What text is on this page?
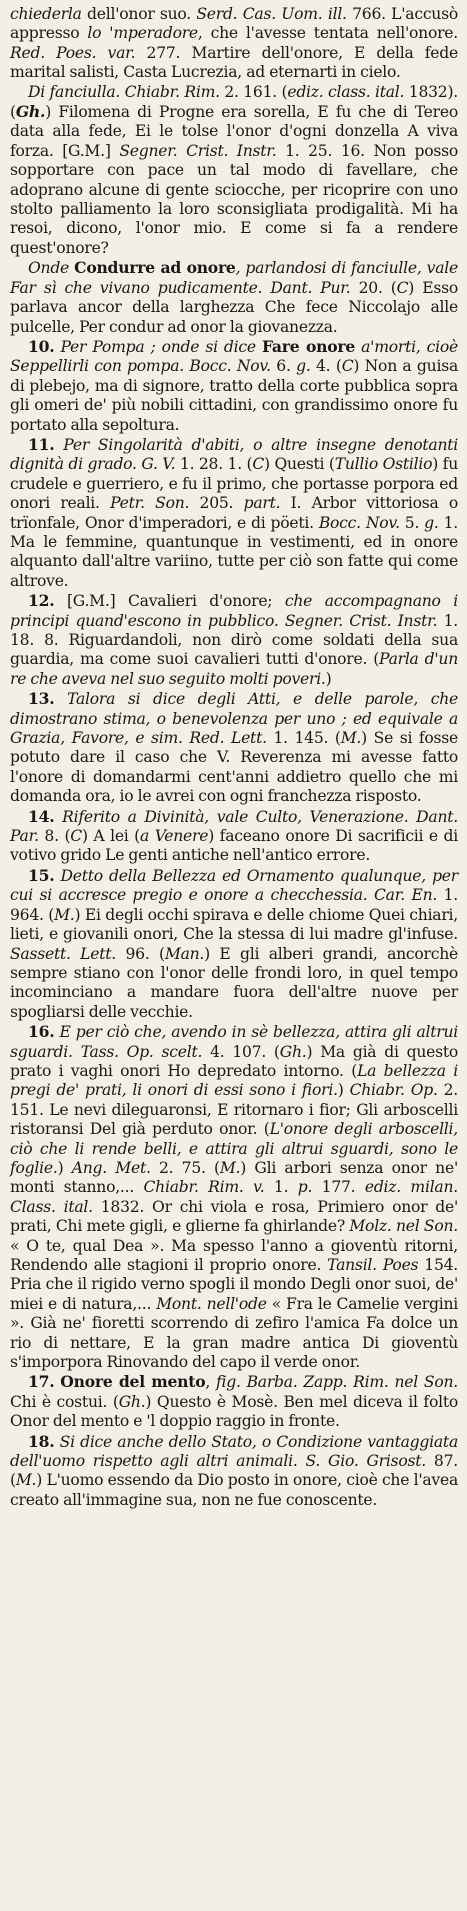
chiederla dell'onor suo. Serd. Cas. Uom. ill. 766. L'accusò appresso lo 'mperadore, che l'avesse tentata nell'onore. Red. Poes. var. 277. Martire dell'onore, E della fede marital salisti, Casta Lucrezia, ad eternarti in cielo.

Di fanciulla. Chiabr. Rim. 2. 161. (ediz. class. ital. 1832). (Gh.) Filomena di Progne era sorella, E fu che di Tereo data alla fede, Ei le tolse l'onor d'ogni donzella A viva forza. [G.M.] Segner. Crist. Instr. 1. 25. 16. Non posso sopportare con pace un tal modo di favellare, che adoprano alcune di gente sciocche, per ricoprire con uno stolto palliamento la loro sconsigliata prodigalità. Mi ha resoi, dicono, l'onor mio. E come si fa a rendere quest'onore?

Onde Condurre ad onore, parlandosi di fanciulle, vale Far sì che vivano pudicamente. Dant. Pur. 20. (C) Esso parlava ancor della larghezza Che fece Niccolajo alle pulcelle, Per condur ad onor la giovanezza.

10. Per Pompa ; onde si dice Fare onore a'morti, cioè Seppellirli con pompa. Bocc. Nov. 6. g. 4. (C) Non a guisa di plebejo, ma di signore, tratto della corte pubblica sopra gli omeri de' più nobili cittadini, con grandissimo onore fu portato alla sepoltura.

11. Per Singolarità d'abiti, o altre insegne denotanti dignità di grado. G. V. 1. 28. 1. (C) Questi (Tullio Ostilio) fu crudele e guerriero, e fu il primo, che portasse porpora ed onori reali. Petr. Son. 205. part. I. Arbor vittoriosa o trïonfale, Onor d'imperadori, e di pöeti. Bocc. Nov. 5. g. 1. Ma le femmine, quantunque in vestimenti, ed in onore alquanto dall'altre variino, tutte per ciò son fatte qui come altrove.

12. [G.M.] Cavalieri d'onore; che accompagnano i principi quand'escono in pubblico. Segner. Crist. Instr. 1. 18. 8. Riguardandoli, non dirò come soldati della sua guardia, ma come suoi cavalieri tutti d'onore. (Parla d'un re che aveva nel suo seguito molti poveri.)

13. Talora si dice degli Atti, e delle parole, che dimostrano stima, o benevolenza per uno ; ed equivale a Grazia, Favore, e sim. Red. Lett. 1. 145. (M.) Se si fosse potuto dare il caso che V. Reverenza mi avesse fatto l'onore di domandarmi cent'anni addietro quello che mi domanda ora, io le avrei con ogni franchezza risposto.

14. Riferito a Divinità, vale Culto, Venerazione. Dant. Par. 8. (C) A lei (a Venere) faceano onore Di sacrificii e di votivo grido Le genti antiche nell'antico errore.

15. Detto della Bellezza ed Ornamento qualunque, per cui si accresce pregio e onore a checchessia. Car. En. 1. 964. (M.) Ei degli occhi spirava e delle chiome Quei chiari, lieti, e giovanili onori, Che la stessa di lui madre gl'infuse. Sassett. Lett. 96. (Man.) E gli alberi grandi, ancorchè sempre stiano con l'onor delle frondi loro, in quel tempo incominciano a mandare fuora dell'altre nuove per spogliarsi delle vecchie.

16. E per ciò che, avendo in sè bellezza, attira gli altrui sguardi. Tass. Op. scelt. 4. 107. (Gh.) Ma già di questo prato i vaghi onori Ho depredato intorno. (La bellezza i pregi de' prati, li onori di essi sono i fiori.) Chiabr. Op. 2. 151. Le nevi dileguaronsi, E ritornaro i fior; Gli arboscelli ristoransi Del già perduto onor. (L'onore degli arboscelli, ciò che li rende belli, e attira gli altrui sguardi, sono le foglie.) Ang. Met. 2. 75. (M.) Gli arbori senza onor ne' monti stanno,... Chiabr. Rim. v. 1. p. 177. ediz. milan. Class. ital. 1832. Or chi viola e rosa, Primiero onor de' prati, Chi mete gigli, e glierne fa ghirlande? Molz. nel Son. « O te, qual Dea ». Ma spesso l'anno a gioventù ritorni, Rendendo alle stagioni il proprio onore. Tansil. Poes 154. Pria che il rigido verno spogli il mondo Degli onor suoi, de' miei e di natura,... Mont. nell'ode « Fra le Camelie vergini ». Già ne' fioretti scorrendo di zefiro l'amica Fa dolce un rio di nettare, E la gran madre antica Di gioventù s'imporpora Rinovando del capo il verde onor.

17. Onore del mento, fig. Barba. Zapp. Rim. nel Son. Chi è costui. (Gh.) Questo è Mosè. Ben mel dicevа il folto Onor del mento e 'l doppio raggio in fronte.

18. Si dice anche dello Stato, o Condizione vantaggiata dell'uomo rispetto agli altri animali. S. Gio. Grisost. 87. (M.) L'uomo essendo da Dio posto in onore, cioè che l'avea creato all'immagine sua, non ne fue conoscente.
